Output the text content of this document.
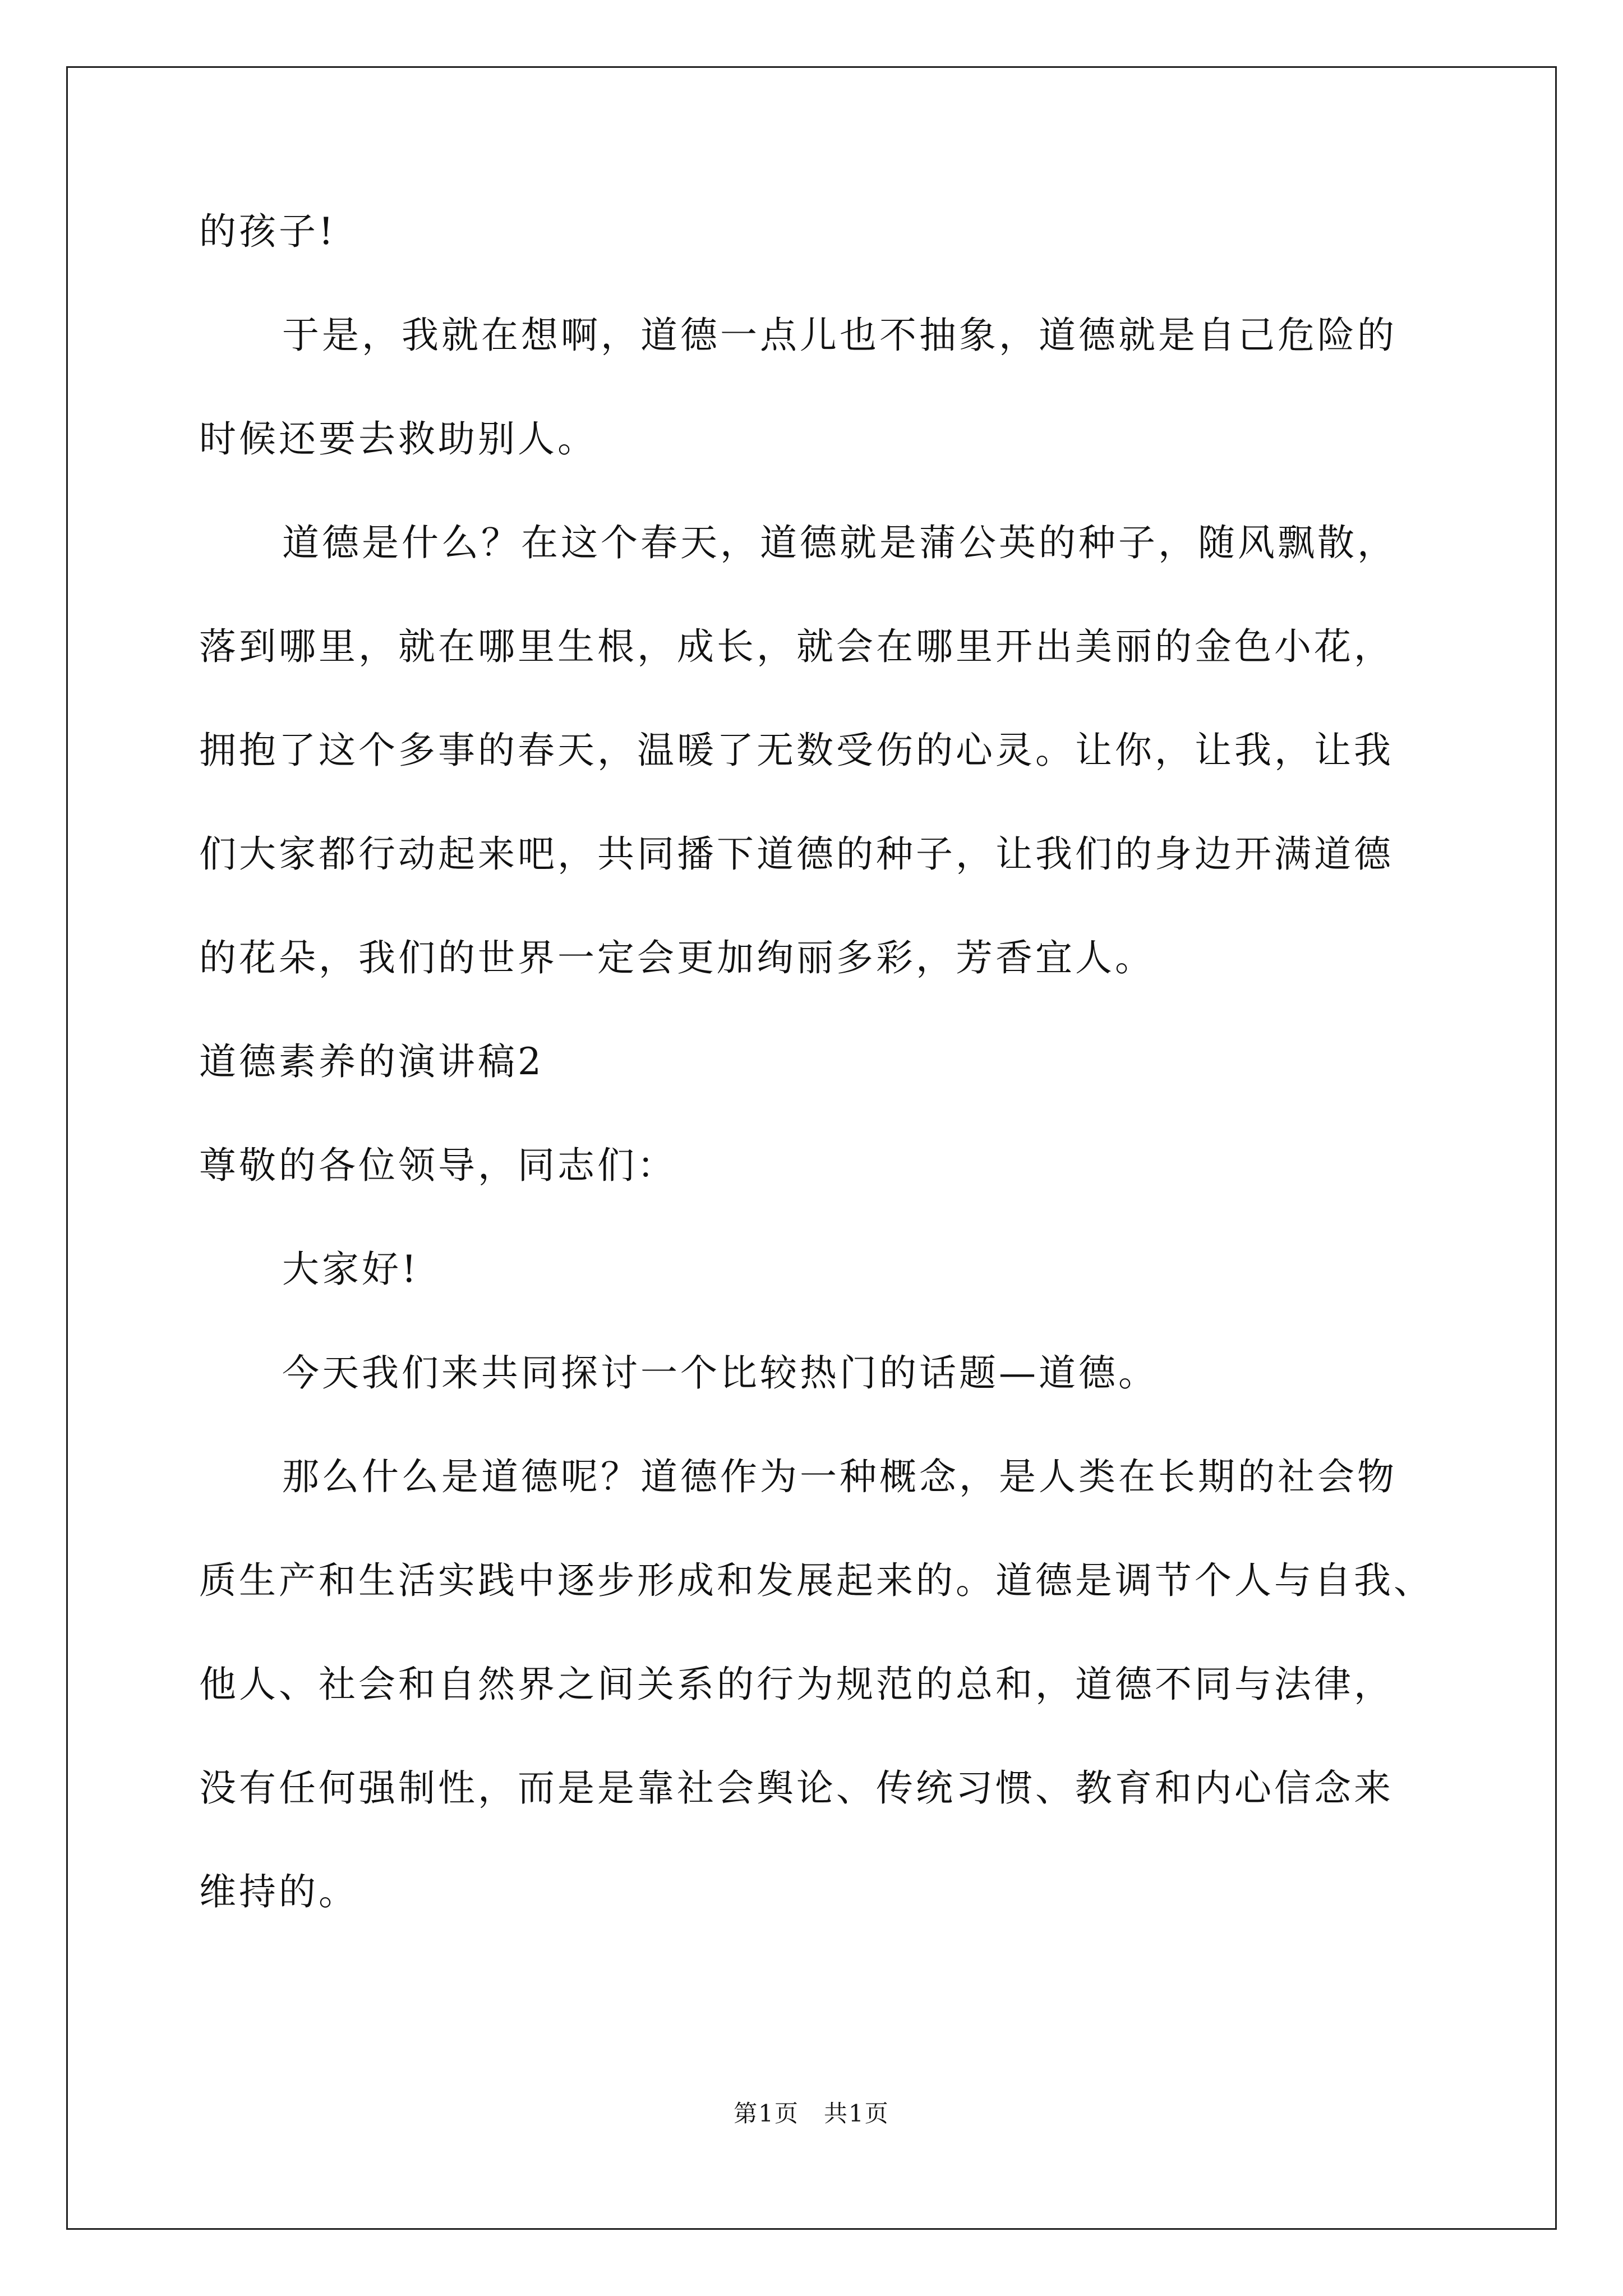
的孩子!
于是，我就在想啊，道德一点儿也不抽象，道德就是自己危险的
时候还要去救助别人。
道德是什么？在这个春天，道德就是蒲公英的种子，随风飘散，
落到哪里，就在哪里生根，成长，就会在哪里开出美丽的金色小花，
拥抱了这个多事的春天，温暖了无数受伤的心灵。让你，让我，让我
们大家都行动起来吧，共同播下道德的种子，让我们的身边开满道德
的花朵，我们的世界一定会更加绚丽多彩，芳香宜人。
道德素养的演讲稿2
尊敬的各位领导，同志们：
大家好!
今天我们来共同探讨一个比较热门的话题—道德。
那么什么是道德呢？道德作为一种概念，是人类在长期的社会物
质生产和生活实践中逐步形成和发展起来的。道德是调节个人与自我、
他人、社会和自然界之间关系的行为规范的总和，道德不同与法律，
没有任何强制性，而是是靠社会舆论、传统习惯、教育和内心信念来
维持的。
第1页　共1页
